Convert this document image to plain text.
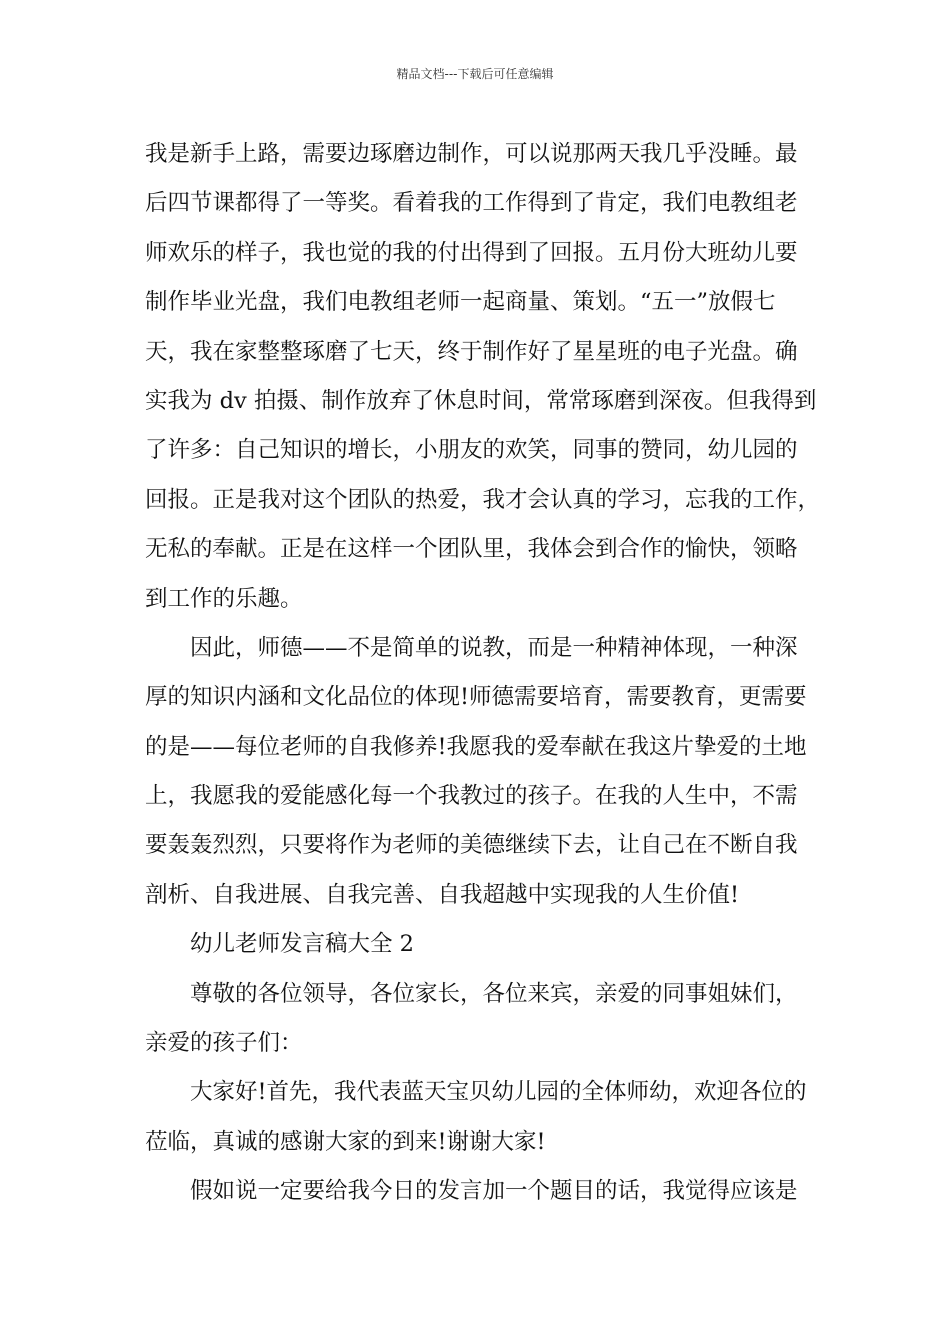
精品文档---下载后可任意编辑
我是新手上路，需要边琢磨边制作，可以说那两天我几乎没睡。最
后四节课都得了一等奖。看着我的工作得到了肯定，我们电教组老
师欢乐的样子，我也觉的我的付出得到了回报。五月份大班幼儿要
制作毕业光盘，我们电教组老师一起商量、策划。“五一”放假七
天，我在家整整琢磨了七天，终于制作好了星星班的电子光盘。确
实我为 dv 拍摄、制作放弃了休息时间，常常琢磨到深夜。但我得到
了许多：自己知识的增长，小朋友的欢笑，同事的赞同，幼儿园的
回报。正是我对这个团队的热爱，我才会认真的学习，忘我的工作，
无私的奉献。正是在这样一个团队里，我体会到合作的愉快，领略
到工作的乐趣。
因此，师德——不是简单的说教，而是一种精神体现，一种深
厚的知识内涵和文化品位的体现!师德需要培育，需要教育，更需要
的是——每位老师的自我修养!我愿我的爱奉献在我这片挚爱的土地
上，我愿我的爱能感化每一个我教过的孩子。在我的人生中，不需
要轰轰烈烈，只要将作为老师的美德继续下去，让自己在不断自我
剖析、自我进展、自我完善、自我超越中实现我的人生价值!
幼儿老师发言稿大全 2
尊敬的各位领导，各位家长，各位来宾，亲爱的同事姐妹们，
亲爱的孩子们：
大家好!首先，我代表蓝天宝贝幼儿园的全体师幼，欢迎各位的
莅临，真诚的感谢大家的到来!谢谢大家!
假如说一定要给我今日的发言加一个题目的话，我觉得应该是
